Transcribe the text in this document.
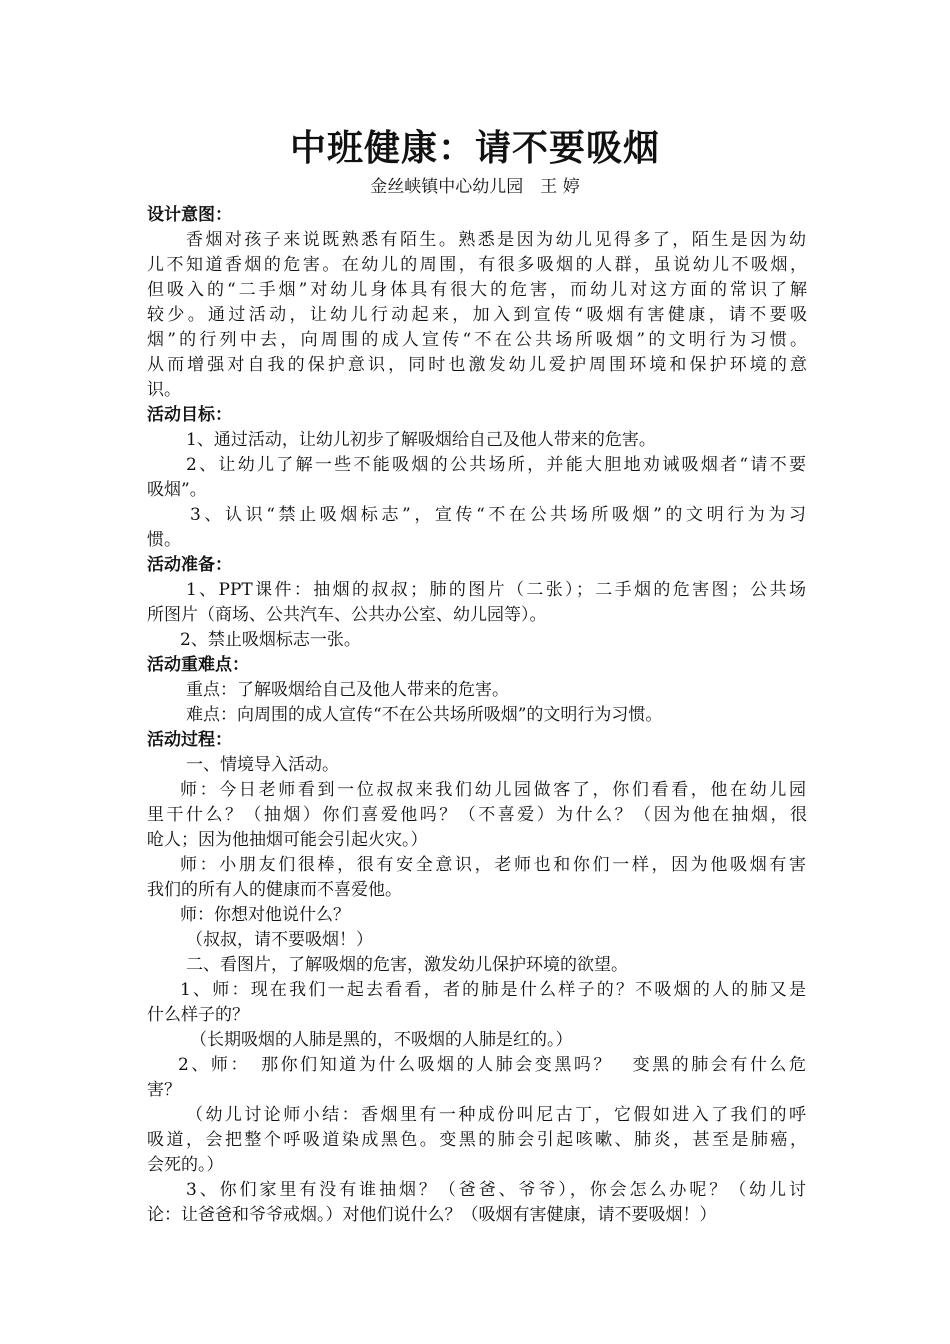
中班健康：请不要吸烟
金丝峡镇中心幼儿园　王 婷
设计意图：
香烟对孩子来说既熟悉有陌生。熟悉是因为幼儿见得多了，陌生是因为幼
儿不知道香烟的危害。在幼儿的周围，有很多吸烟的人群，虽说幼儿不吸烟，
但吸入的“二手烟”对幼儿身体具有很大的危害，而幼儿对这方面的常识了解
较少。通过活动，让幼儿行动起来，加入到宣传“吸烟有害健康，请不要吸
烟”的行列中去，向周围的成人宣传“不在公共场所吸烟”的文明行为习惯。
从而增强对自我的保护意识，同时也激发幼儿爱护周围环境和保护环境的意
识。
活动目标：
1、通过活动，让幼儿初步了解吸烟给自己及他人带来的危害。
2、让幼儿了解一些不能吸烟的公共场所，并能大胆地劝诫吸烟者“请不要
吸烟”。
3、认识“禁止吸烟标志”，宣传“不在公共场所吸烟”的文明行为为习
惯。
活动准备：
1、PPT课件：抽烟的叔叔；肺的图片（二张）；二手烟的危害图；公共场
所图片（商场、公共汽车、公共办公室、幼儿园等）。
2、禁止吸烟标志一张。
活动重难点：
重点：了解吸烟给自己及他人带来的危害。
难点：向周围的成人宣传“不在公共场所吸烟”的文明行为习惯。
活动过程：
一、情境导入活动。
师：今日老师看到一位叔叔来我们幼儿园做客了，你们看看，他在幼儿园
里干什么？（抽烟）你们喜爱他吗？（不喜爱）为什么？（因为他在抽烟，很
呛人；因为他抽烟可能会引起火灾。）
师：小朋友们很棒，很有安全意识，老师也和你们一样，因为他吸烟有害
我们的所有人的健康而不喜爱他。
师：你想对他说什么？
（叔叔，请不要吸烟！）
二、看图片，了解吸烟的危害，激发幼儿保护环境的欲望。
1、师：现在我们一起去看看，者的肺是什么样子的？不吸烟的人的肺又是
什么样子的？
（长期吸烟的人肺是黑的，不吸烟的人肺是红的。）
2、师：　那你们知道为什么吸烟的人肺会变黑吗？　变黑的肺会有什么危
害？
（幼儿讨论师小结：香烟里有一种成份叫尼古丁，它假如进入了我们的呼
吸道，会把整个呼吸道染成黑色。变黑的肺会引起咳嗽、肺炎，甚至是肺癌，
会死的。）
3、你们家里有没有谁抽烟？（爸爸、爷爷），你会怎么办呢？（幼儿讨
论：让爸爸和爷爷戒烟。）对他们说什么？（吸烟有害健康，请不要吸烟！）
